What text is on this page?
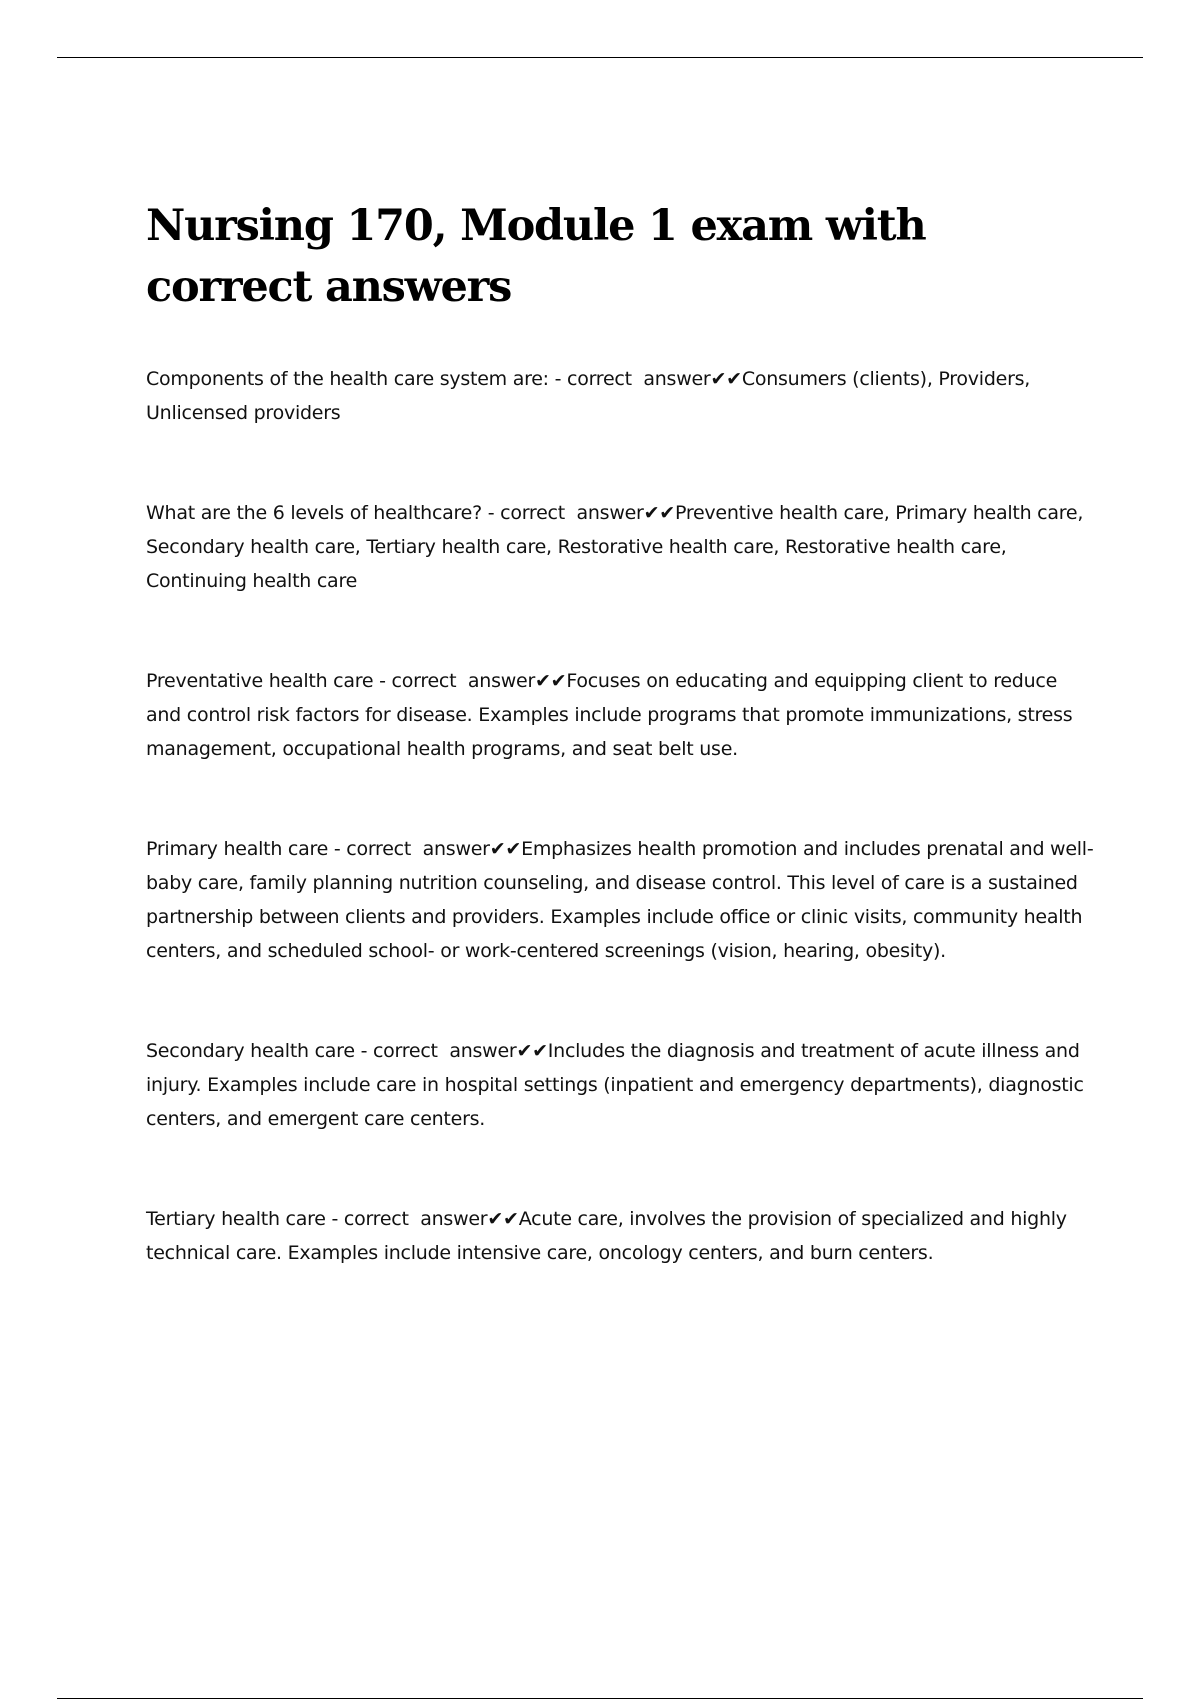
Nursing 170, Module 1 exam with correct answers
Components of the health care system are: - correct  answer✔✔Consumers (clients), Providers, Unlicensed providers
What are the 6 levels of healthcare? - correct  answer✔✔Preventive health care, Primary health care, Secondary health care, Tertiary health care, Restorative health care, Restorative health care, Continuing health care
Preventative health care - correct  answer✔✔Focuses on educating and equipping client to reduce and control risk factors for disease. Examples include programs that promote immunizations, stress management, occupational health programs, and seat belt use.
Primary health care - correct  answer✔✔Emphasizes health promotion and includes prenatal and well-baby care, family planning nutrition counseling, and disease control. This level of care is a sustained partnership between clients and providers. Examples include office or clinic visits, community health centers, and scheduled school- or work-centered screenings (vision, hearing, obesity).
Secondary health care - correct  answer✔✔Includes the diagnosis and treatment of acute illness and injury. Examples include care in hospital settings (inpatient and emergency departments), diagnostic centers, and emergent care centers.
Tertiary health care - correct  answer✔✔Acute care, involves the provision of specialized and highly technical care. Examples include intensive care, oncology centers, and burn centers.
